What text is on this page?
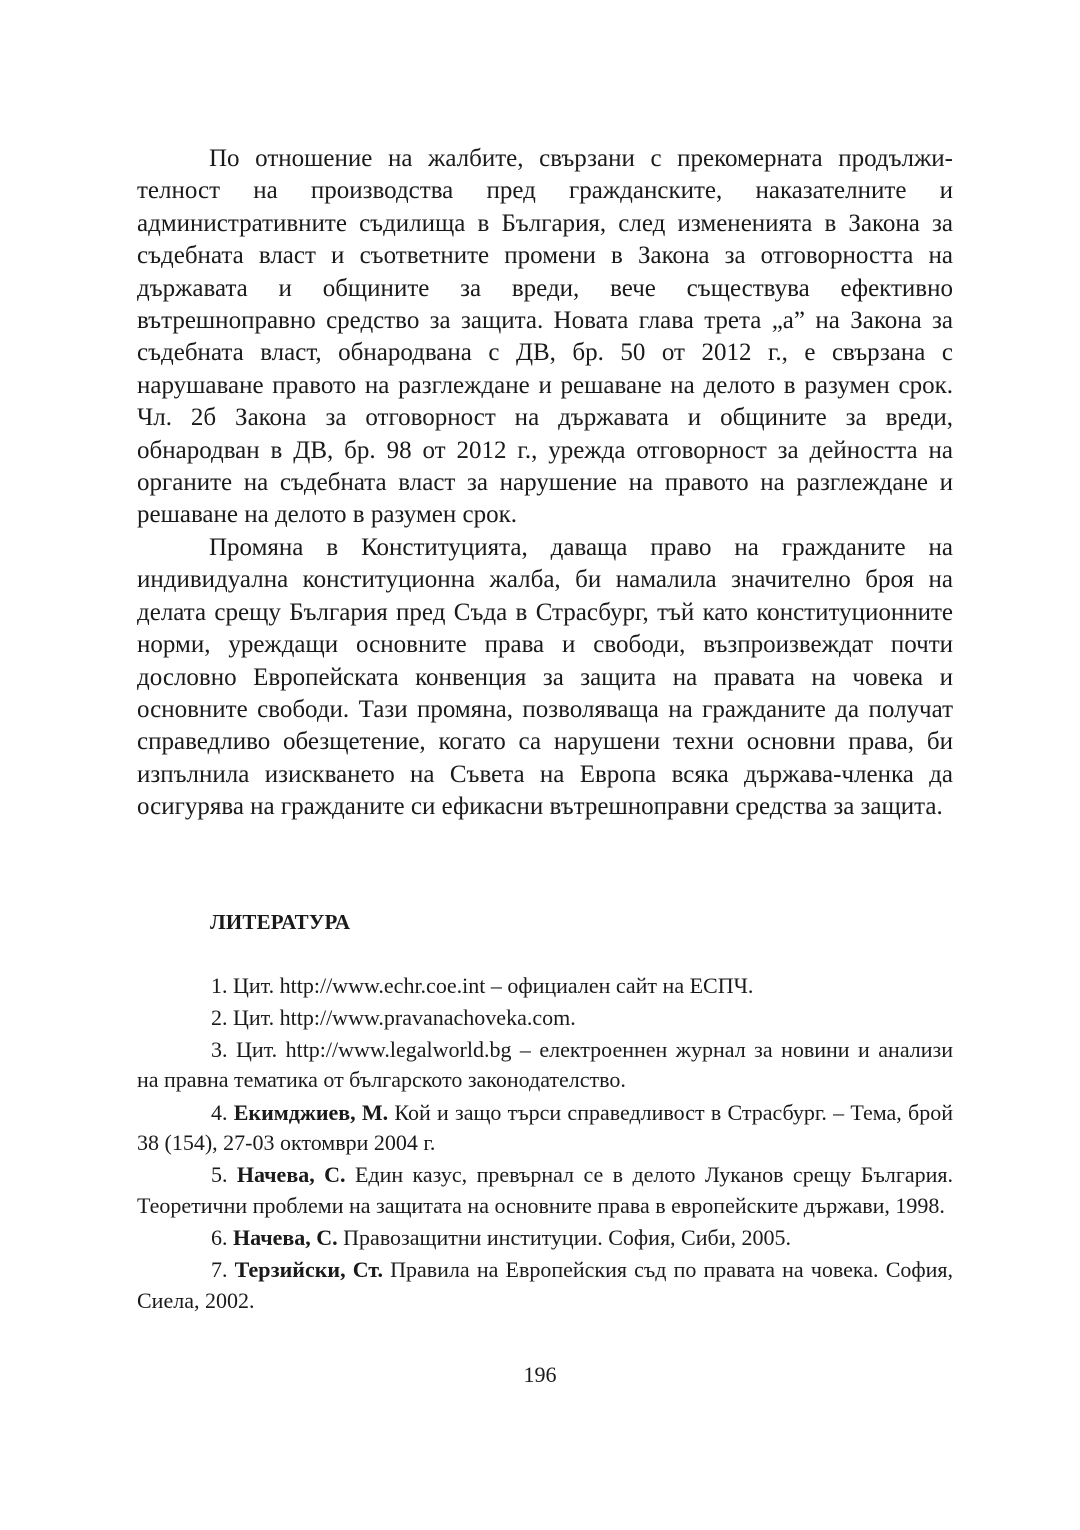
По отношение на жалбите, свързани с прекомерната продължителност на производства пред гражданските, наказателните и административните съдилища в България, след измененията в Закона за съдебната власт и съответните промени в Закона за отговорността на държавата и общините за вреди, вече съществува ефективно вътрешноправно средство за защита. Новата глава трета „а” на Закона за съдебната власт, обнародвана с ДВ, бр. 50 от 2012 г., е свързана с нарушаване правото на разглеждане и решаване на делото в разумен срок. Чл. 2б Закона за отговорност на държавата и общините за вреди, обнародван в ДВ, бр. 98 от 2012 г., урежда отговорност за дейността на органите на съдебната власт за нарушение на правото на разглеждане и решаване на делото в разумен срок.

Промяна в Конституцията, даваща право на гражданите на индивидуална конституционна жалба, би намалила значително броя на делата срещу България пред Съда в Страсбург, тъй като конституционните норми, уреждащи основните права и свободи, възпроизвеждат почти дословно Европейската конвенция за защита на правата на човека и основните свободи. Тази промяна, позволяваща на гражданите да получат справедливо обезщетение, когато са нарушени техни основни права, би изпълнила изискването на Съвета на Европа всяка държава-членка да осигурява на гражданите си ефикасни вътрешноправни средства за защита.

ЛИТЕРАТУРА

1. Цит. http://www.echr.coe.int – официален сайт на ЕСПЧ.

2. Цит. http://www.pravanachoveka.com.

3. Цит. http://www.legalworld.bg – електроеннен журнал за новини и анализи на правна тематика от българското законодателство.

4. Екимджиев, М. Кой и защо търси справедливост в Страсбург. – Тема, брой 38 (154), 27-03 октомври 2004 г.

5. Начева, С. Един казус, превърнал се в делото Луканов срещу България. Теоретични проблеми на защитата на основните права в европейските държави, 1998.

6. Начева, С. Правозащитни институции. София, Сиби, 2005.

7. Терзийски, Ст. Правила на Европейския съд по правата на човека. София, Сиела, 2002.

196
